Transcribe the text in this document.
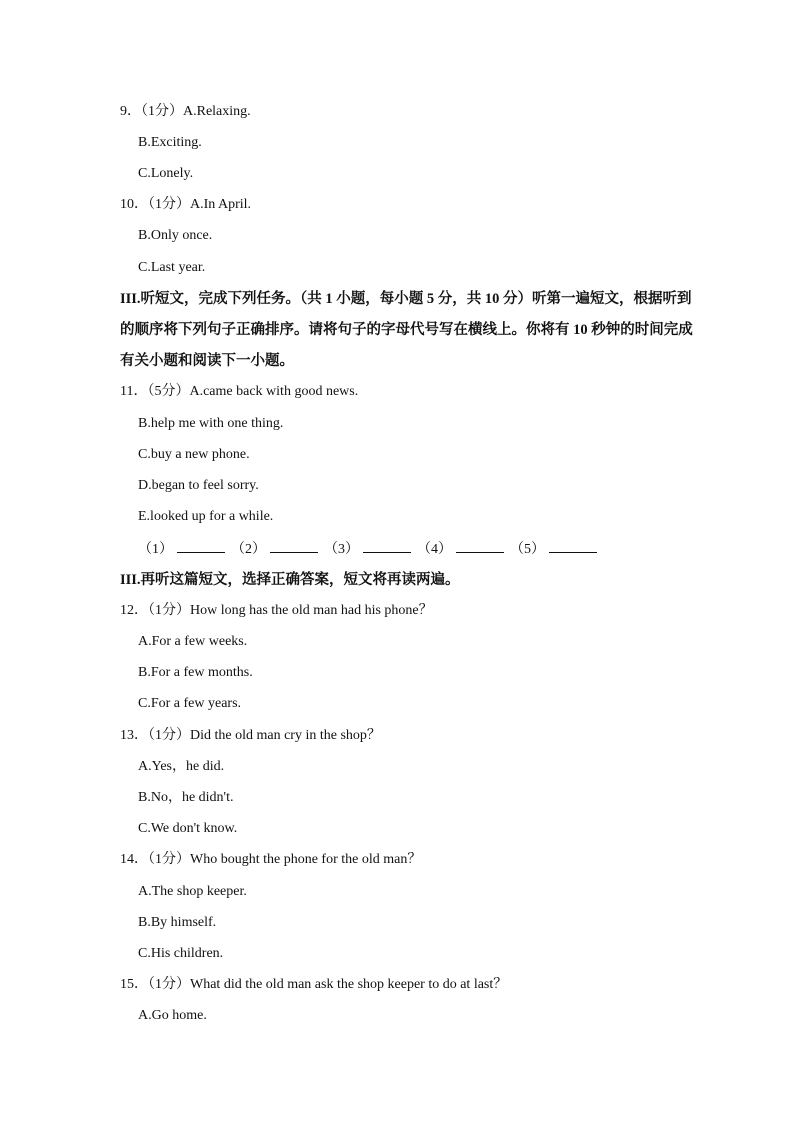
9．（1分）A.Relaxing.
B.Exciting.
C.Lonely.
10．（1分）A.In April.
B.Only once.
C.Last year.
III.听短文，完成下列任务。（共 1 小题，每小题 5 分，共 10 分）听第一遍短文，根据听到
的顺序将下列句子正确排序。请将句子的字母代号写在横线上。你将有 10 秒钟的时间完成
有关小题和阅读下一小题。
11．（5分）A.came back with good news.
B.help me with one thing.
C.buy a new phone.
D.began to feel sorry.
E.looked up for a while.
（1）	（2）	（3）	（4）	（5）
III.再听这篇短文，选择正确答案，短文将再读两遍。
12．（1分）How long has the old man had his phone？
A.For a few weeks.
B.For a few months.
C.For a few years.
13．（1分）Did the old man cry in the shop？
A.Yes，he did.
B.No，he didn't.
C.We don't know.
14．（1分）Who bought the phone for the old man？
A.The shop keeper.
B.By himself.
C.His children.
15．（1分）What did the old man ask the shop keeper to do at last？
A.Go home.
